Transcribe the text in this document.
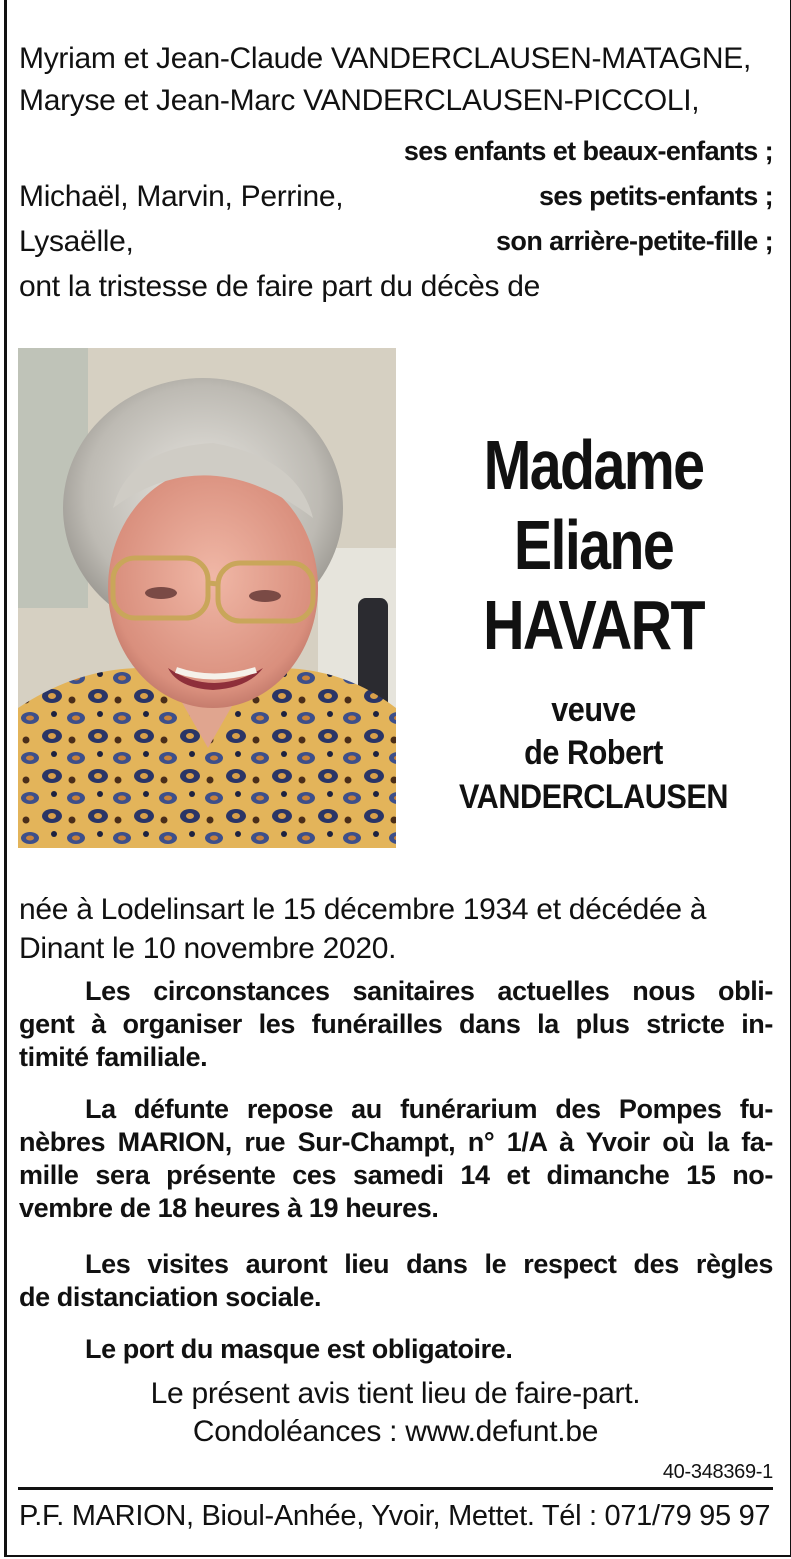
Myriam et Jean-Claude VANDERCLAUSEN-MATAGNE,
Maryse et Jean-Marc VANDERCLAUSEN-PICCOLI,
ses enfants et beaux-enfants ;
Michaël, Marvin, Perrine,	ses petits-enfants ;
Lysaëlle,	son arrière-petite-fille ;
ont la tristesse de faire part du décès de
Madame
Eliane
HAVART
veuve
de Robert
VANDERCLAUSEN
née à Lodelinsart le 15 décembre 1934 et décédée à
Dinant le 10 novembre 2020.
Les circonstances sanitaires actuelles nous obli-
gent à organiser les funérailles dans la plus stricte in-
timité familiale.
La défunte repose au funérarium des Pompes fu-
nèbres MARION, rue Sur-Champt, n° 1/A à Yvoir où la fa-
mille sera présente ces samedi 14 et dimanche 15 no-
vembre de 18 heures à 19 heures.
Les visites auront lieu dans le respect des règles
de distanciation sociale.
Le port du masque est obligatoire.
Le présent avis tient lieu de faire-part.
Condoléances : www.defunt.be
40-348369-1
P.F. MARION, Bioul-Anhée, Yvoir, Mettet. Tél : 071/79 95 97
